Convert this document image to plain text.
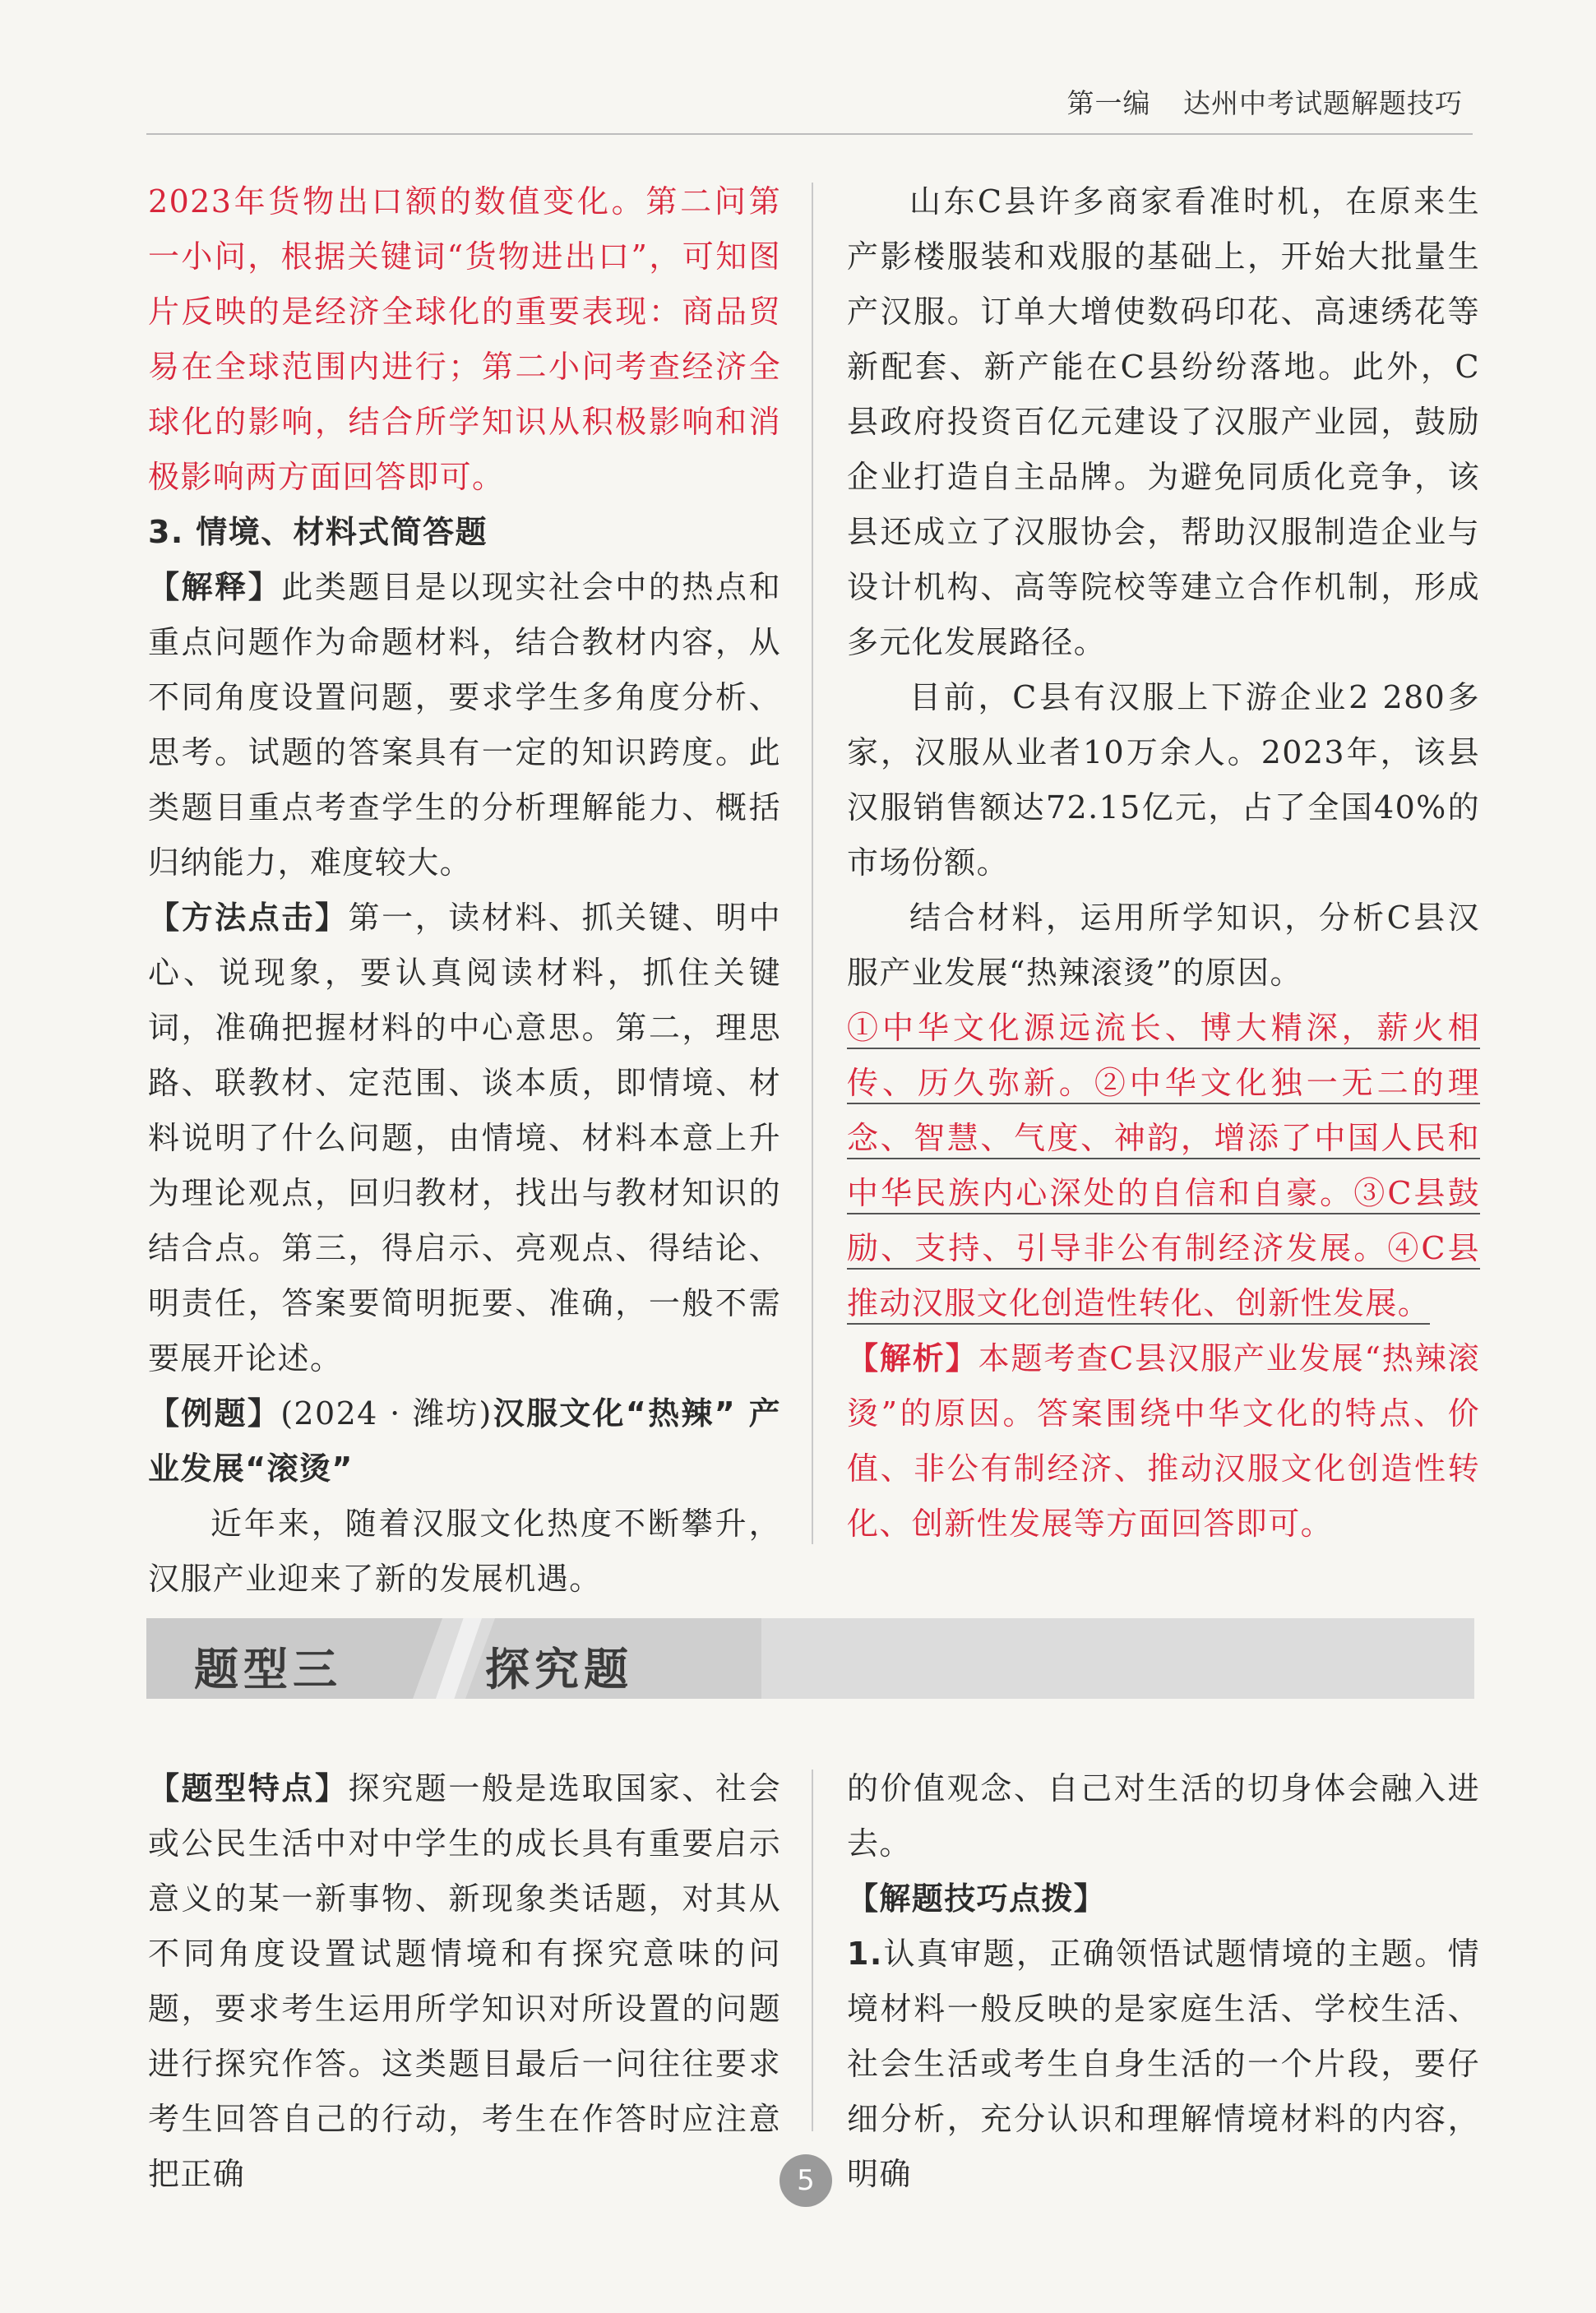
第一编 达州中考试题解题技巧

2023年货物出口额的数值变化。第二问第一小问，根据关键词“货物进出口”，可知图片反映的是经济全球化的重要表现：商品贸易在全球范围内进行；第二小问考查经济全球化的影响，结合所学知识从积极影响和消极影响两方面回答即可。

3. 情境、材料式简答题

【解释】此类题目是以现实社会中的热点和重点问题作为命题材料，结合教材内容，从不同角度设置问题，要求学生多角度分析、思考。试题的答案具有一定的知识跨度。此类题目重点考查学生的分析理解能力、概括归纳能力，难度较大。

【方法点击】第一，读材料、抓关键、明中心、说现象，要认真阅读材料，抓住关键词，准确把握材料的中心意思。第二，理思路、联教材、定范围、谈本质，即情境、材料说明了什么问题，由情境、材料本意上升为理论观点，回归教材，找出与教材知识的结合点。第三，得启示、亮观点、得结论、明责任，答案要简明扼要、准确，一般不需要展开论述。

【例题】(2024 · 潍坊)汉服文化“热辣” 产业发展“滚烫”

近年来，随着汉服文化热度不断攀升，汉服产业迎来了新的发展机遇。

山东C县许多商家看准时机，在原来生产影楼服装和戏服的基础上，开始大批量生产汉服。订单大增使数码印花、高速绣花等新配套、新产能在C县纷纷落地。此外，C县政府投资百亿元建设了汉服产业园，鼓励企业打造自主品牌。为避免同质化竞争，该县还成立了汉服协会，帮助汉服制造企业与设计机构、高等院校等建立合作机制，形成多元化发展路径。

目前，C县有汉服上下游企业2 280多家，汉服从业者10万余人。2023年，该县汉服销售额达72.15亿元，占了全国40%的市场份额。

结合材料，运用所学知识，分析C县汉服产业发展“热辣滚烫”的原因。

①中华文化源远流长、博大精深，薪火相传、历久弥新。②中华文化独一无二的理念、智慧、气度、神韵，增添了中国人民和中华民族内心深处的自信和自豪。③C县鼓励、支持、引导非公有制经济发展。④C县推动汉服文化创造性转化、创新性发展。

【解析】本题考查C县汉服产业发展“热辣滚烫”的原因。答案围绕中华文化的特点、价值、非公有制经济、推动汉服文化创造性转化、创新性发展等方面回答即可。

题型三	探究题

【题型特点】探究题一般是选取国家、社会或公民生活中对中学生的成长具有重要启示意义的某一新事物、新现象类话题，对其从不同角度设置试题情境和有探究意味的问题，要求考生运用所学知识对所设置的问题进行探究作答。这类题目最后一问往往要求考生回答自己的行动，考生在作答时应注意把正确

的价值观念、自己对生活的切身体会融入进去。

【解题技巧点拨】

1.认真审题，正确领悟试题情境的主题。情境材料一般反映的是家庭生活、学校生活、社会生活或考生自身生活的一个片段，要仔细分析，充分认识和理解情境材料的内容，明确

5
